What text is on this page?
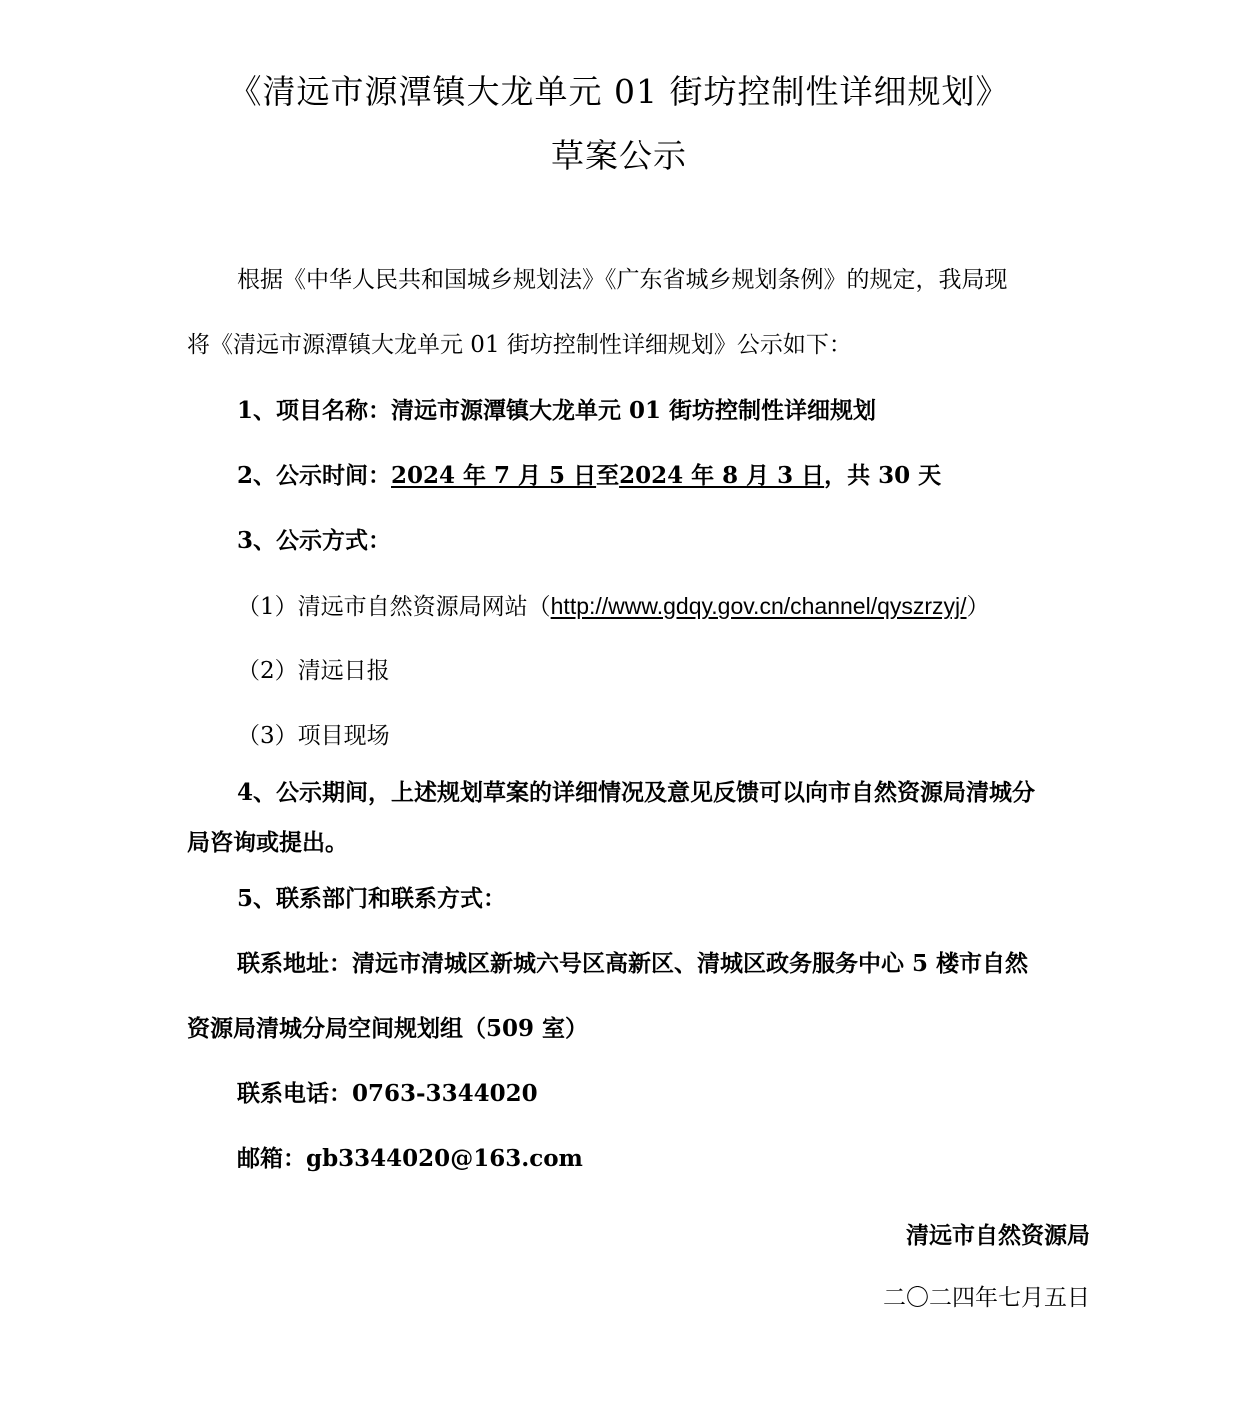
《清远市源潭镇大龙单元 01 街坊控制性详细规划》
草案公示
根据《中华人民共和国城乡规划法》《广东省城乡规划条例》的规定，我局现
将《清远市源潭镇大龙单元 01 街坊控制性详细规划》公示如下：
1、项目名称：清远市源潭镇大龙单元 01 街坊控制性详细规划
2、公示时间：2024 年 7 月 5 日至2024 年 8 月 3 日，共 30 天
3、公示方式：
（1）清远市自然资源局网站（http://www.gdqy.gov.cn/channel/qyszrzyj/）
（2）清远日报
（3）项目现场
4、公示期间，上述规划草案的详细情况及意见反馈可以向市自然资源局清城分
局咨询或提出。
5、联系部门和联系方式：
联系地址：清远市清城区新城六号区高新区、清城区政务服务中心 5 楼市自然
资源局清城分局空间规划组（509 室）
联系电话：0763-3344020
邮箱：gb3344020@163.com
清远市自然资源局
二〇二四年七月五日
